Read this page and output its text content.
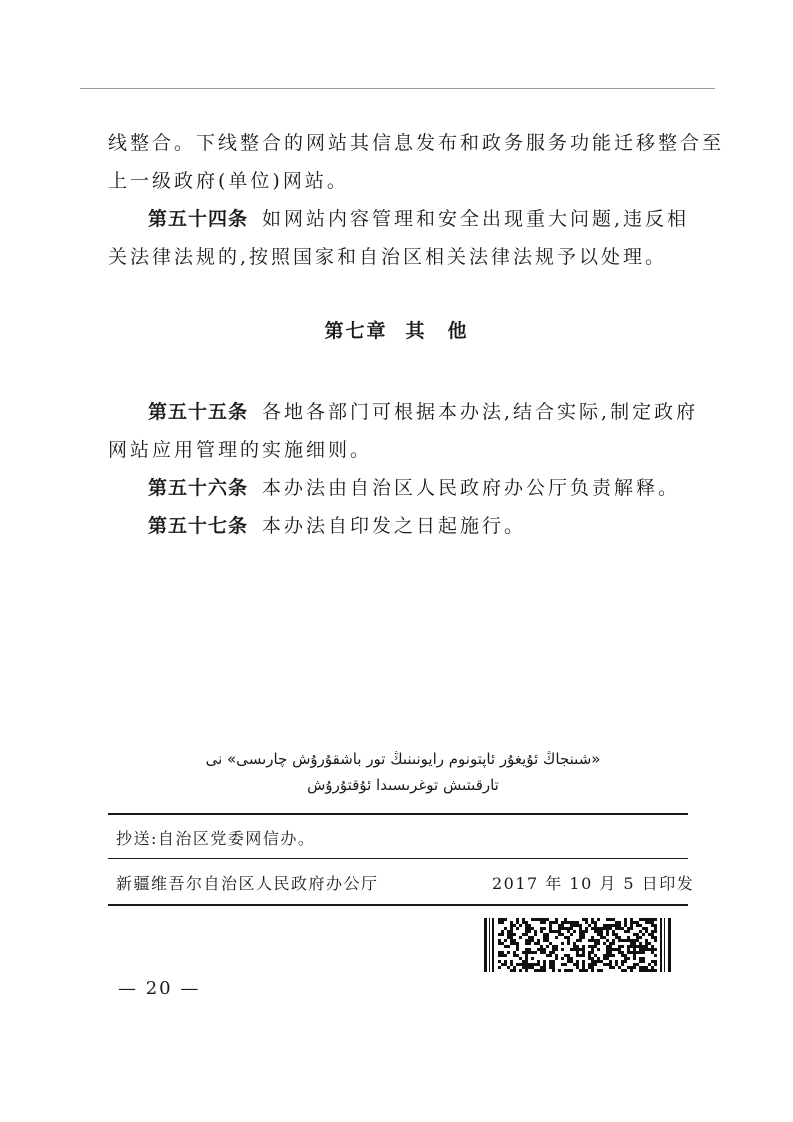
线整合。下线整合的网站其信息发布和政务服务功能迁移整合至

上一级政府(单位)网站。

第五十四条 如网站内容管理和安全出现重大问题,违反相

关法律法规的,按照国家和自治区相关法律法规予以处理。

第七章 其　他

第五十五条 各地各部门可根据本办法,结合实际,制定政府

网站应用管理的实施细则。

第五十六条 本办法由自治区人民政府办公厅负责解释。

第五十七条 本办法自印发之日起施行。

«شىنجاڭ ئۇيغۇر ئاپتونوم رايونىنىڭ تور باشقۇرۇش چارىسى» نى
تارقىتىش توغرىسىدا ئۇقتۇرۇش
抄送:自治区党委网信办。
新疆维吾尔自治区人民政府办公厅	2017 年 10 月 5 日印发
— 20 —
